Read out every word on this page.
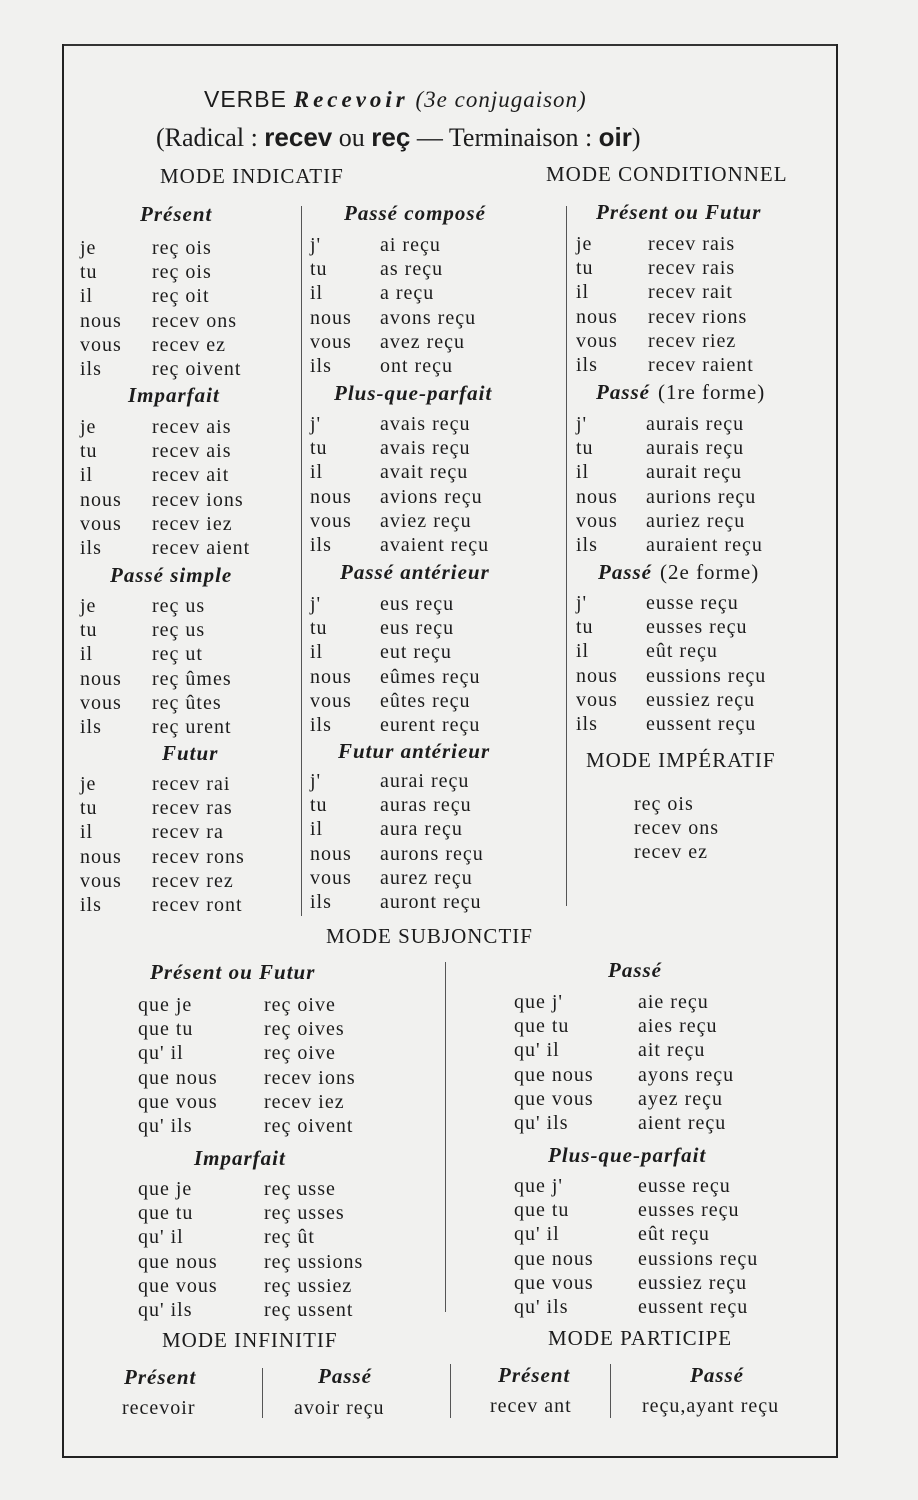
VERBE Recevoir (3e conjugaison)
(Radical : recev ou reç — Terminaison : oir)
MODE INDICATIF	MODE CONDITIONNEL
MODE IMPÉRATIF
MODE SUBJONCTIF
MODE INFINITIF	MODE PARTICIPE
Présent
je	reç ois
tu	reç ois
il	reç oit
nous recev ons
vous recev ez
ils	reç oivent
Imparfait
je	recev ais
tu	recev ais
il	recev ait
nous recev ions
vous recev iez
ils	recev aient
Passé simple
je	reç us
tu	reç us
il	reç ut
nous reç ûmes
vous reç ûtes
ils	reç urent
Futur
je	recev rai
tu	recev ras
il	recev ra
nous recev rons
vous recev rez
ils	recev ront
Passé composé
j'	ai reçu
tu	as reçu
il	a reçu
nous avons reçu
vous avez reçu
ils ont reçu
Plus-que-parfait
j'	avais reçu
tu	avais reçu
il	avait reçu
nous avions reçu
vous aviez reçu
ils avaient reçu
Passé antérieur
j'	eus reçu
tu	eus reçu
il	eut reçu
nous eûmes reçu
vous eûtes reçu
ils eurent reçu
Futur antérieur
j'	aurai reçu
tu	auras reçu
il	aura reçu
nous aurons reçu
vous aurez reçu
ils auront reçu
Présent ou Futur
je	recev rais
tu	recev rais
il	recev rait
nous recev rions
vous recev riez
ils	recev raient
Passé (1re forme)
j'	aurais reçu
tu	aurais reçu
il	aurait reçu
nous aurions reçu
vous auriez reçu
ils auraient reçu
Passé (2e forme)
j'	eusse reçu
tu	eusses reçu
il	eût reçu
nous eussions reçu
vous eussiez reçu
ils eussent reçu
Présent ou Futur
que je	reç oive
que tu	reç oives
qu' il	reç oive
que nous recev ions
que vous recev iez
qu' ils	reç oivent
Imparfait
que je	reç usse
que tu	reç usses
qu' il	reç ût
que nous reç ussions
que vous reç ussiez
qu' ils	reç ussent
Passé
que j'	aie reçu
que tu	aies reçu
qu' il	ait reçu
que nous ayons reçu
que vous ayez reçu
qu' ils	aient reçu
Plus-que-parfait
que j'	eusse reçu
que tu	eusses reçu
qu' il	eût reçu
que nous eussions reçu
que vous eussiez reçu
qu' ils	eussent reçu
reç ois
recev ons
recev ez
Présent
recevoir
Passé
avoir reçu
Présent
recev ant
Passé
reçu,ayant reçu
